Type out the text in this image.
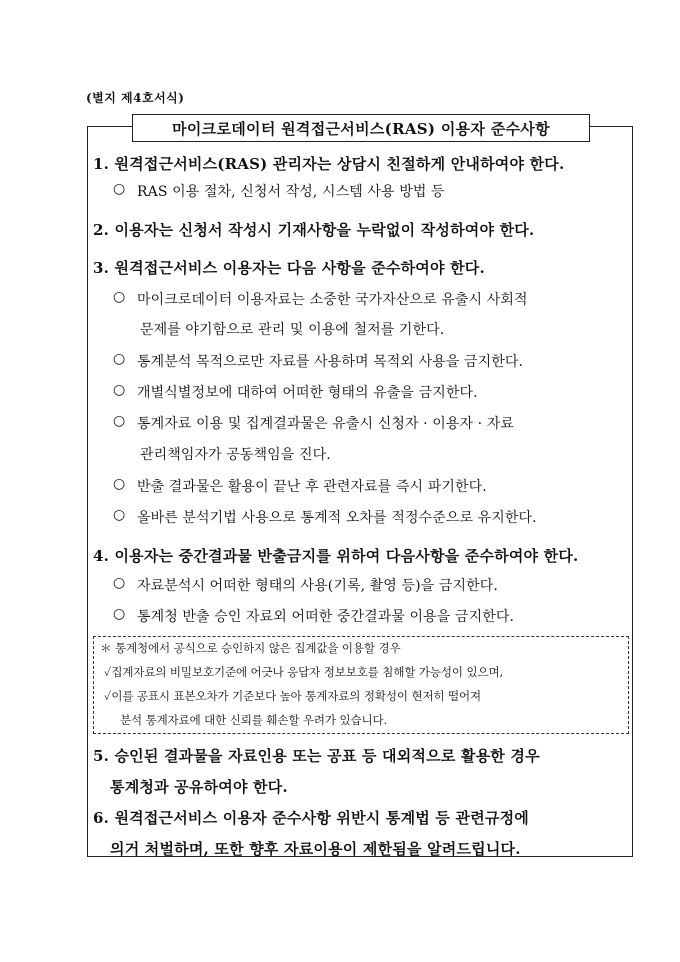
(별지 제4호서식)
마이크로데이터 원격접근서비스(RAS) 이용자 준수사항
1. 원격접근서비스(RAS) 관리자는 상담시 친절하게 안내하여야 한다.
○ RAS 이용 절차, 신청서 작성, 시스템 사용 방법 등
2. 이용자는 신청서 작성시 기재사항을 누락없이 작성하여야 한다.
3. 원격접근서비스 이용자는 다음 사항을 준수하여야 한다.
○ 마이크로데이터 이용자료는 소중한 국가자산으로 유출시 사회적
문제를 야기함으로 관리 및 이용에 철저를 기한다.
○ 통계분석 목적으로만 자료를 사용하며 목적외 사용을 금지한다.
○ 개별식별정보에 대하여 어떠한 형태의 유출을 금지한다.
○ 통계자료 이용 및 집계결과물은 유출시 신청자 · 이용자 · 자료
관리책임자가 공동책임을 진다.
○ 반출 결과물은 활용이 끝난 후 관련자료를 즉시 파기한다.
○ 올바른 분석기법 사용으로 통계적 오차를 적정수준으로 유지한다.
4. 이용자는 중간결과물 반출금지를 위하여 다음사항을 준수하여야 한다.
○ 자료분석시 어떠한 형태의 사용(기록, 촬영 등)을 금지한다.
○ 통계청 반출 승인 자료외 어떠한 중간결과물 이용을 금지한다.
＊ 통계청에서 공식으로 승인하지 않은 집계값을 이용할 경우
✓집계자료의 비밀보호기준에 어긋나 응답자 정보보호를 침해할 가능성이 있으며,
✓이를 공표시 표본오차가 기준보다 높아 통계자료의 정확성이 현저히 떨어져
분석 통계자료에 대한 신뢰를 훼손할 우려가 있습니다.
5. 승인된 결과물을 자료인용 또는 공표 등 대외적으로 활용한 경우
통계청과 공유하여야 한다.
6. 원격접근서비스 이용자 준수사항 위반시 통계법 등 관련규정에
의거 처벌하며, 또한 향후 자료이용이 제한됨을 알려드립니다.
